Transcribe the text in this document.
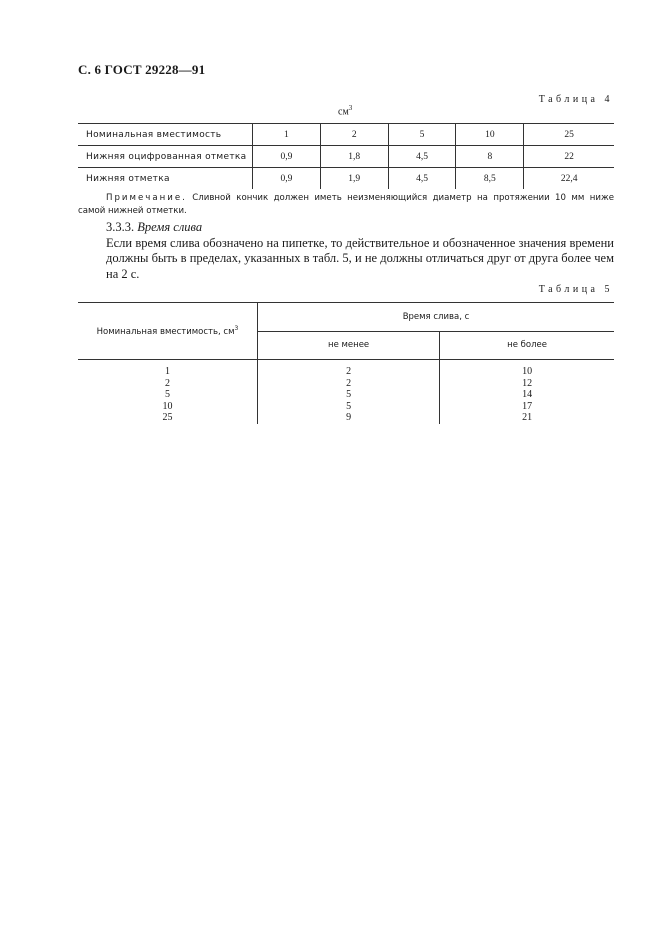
С. 6 ГОСТ 29228—91
Таблица 4
$см^3$
Номинальная вместимость	1	2	5	10	25
Нижняя оцифрованная отметка	0,9	1,8	4,5	8	22
Нижняя отметка	0,9	1,9	4,5	8,5	22,4
Примечание. Сливной кончик должен иметь неизменяющийся диаметр на протяжении 10 мм ниже самой нижней отметки.
3.3.3. Время слива

Если время слива обозначено на пипетке, то действительное и обозначенное значения времени должны быть в пределах, указанных в табл. 5, и не должны отличаться друг от друга более чем на 2 с.

Таблица 5
Номинальная вместимость, $см^3$	Время слива, с	
	не менее	не более
1	2	10
2	2	12
5	5	14
10	5	17
25	9	21
